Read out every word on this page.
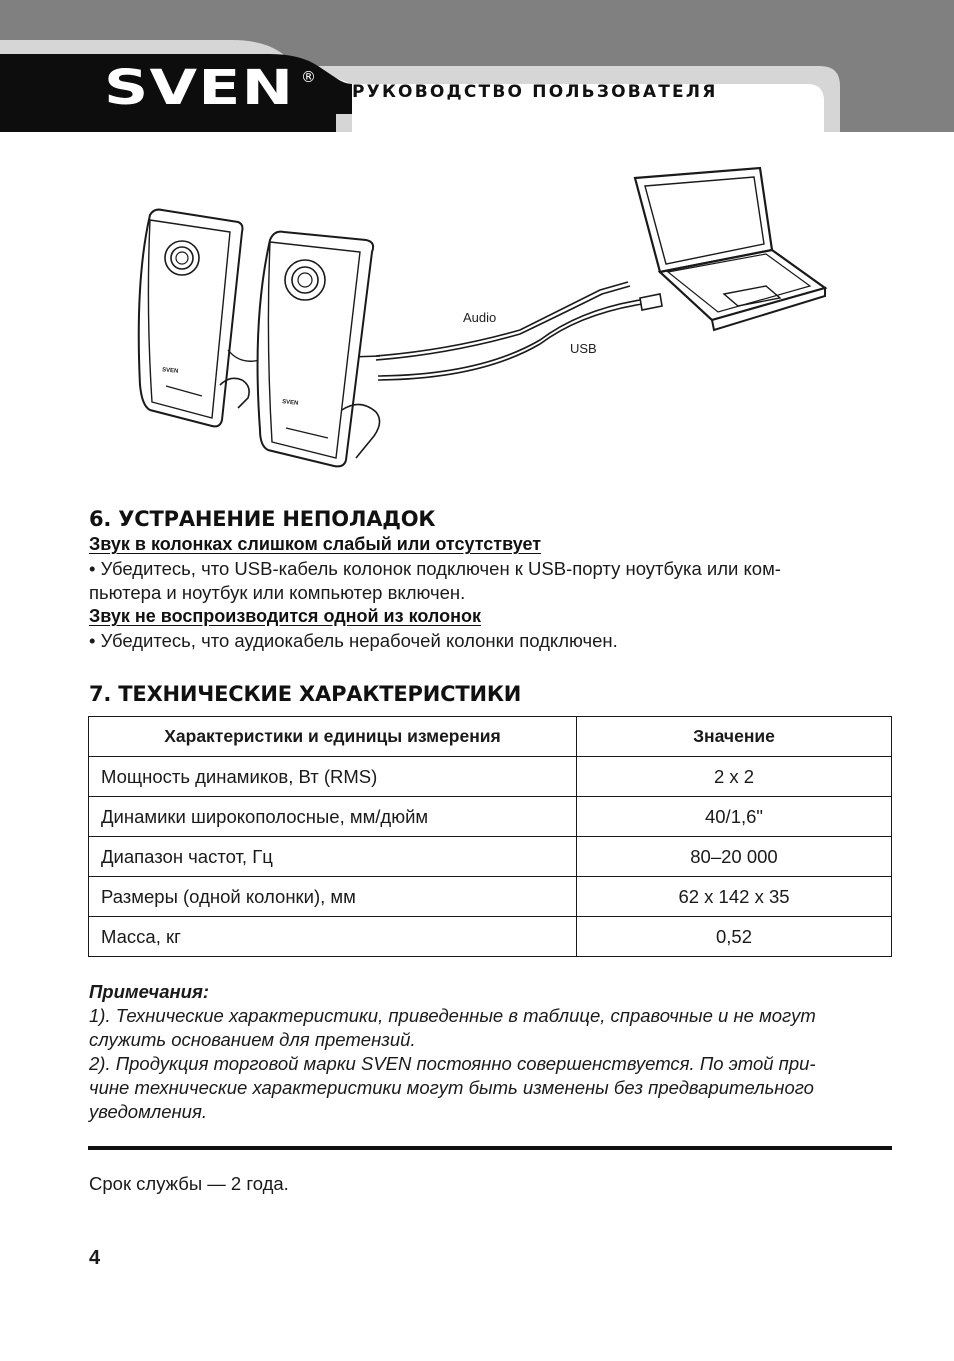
SVEN ®
РУКОВОДСТВО ПОЛЬЗОВАТЕЛЯ
Audio
USB
SVEN
SVEN
6. УСТРАНЕНИЕ НЕПОЛАДОК
Звук в колонках слишком слабый или отсутствует
• Убедитесь, что USB-кабель колонок подключен к USB-порту ноутбука или ком-
пьютера и ноутбук или компьютер включен.
Звук не воспроизводится одной из колонок
• Убедитесь, что аудиокабель нерабочей колонки подключен.
7. ТЕХНИЧЕСКИЕ ХАРАКТЕРИСТИКИ
Характеристики и единицы измерения	Значение
Мощность динамиков, Вт (RMS)	2 x 2
Динамики широкополосные, мм/дюйм	40/1,6"
Диапазон частот, Гц	80–20 000
Размеры (одной колонки), мм	62 x 142 x 35
Масса, кг	0,52
Примечания:
1). Технические характеристики, приведенные в таблице, справочные и не могут
служить основанием для претензий.
2). Продукция торговой марки SVEN постоянно совершенствуется. По этой при-
чине технические характеристики могут быть изменены без предварительного
уведомления.
Срок службы — 2 года.
4
